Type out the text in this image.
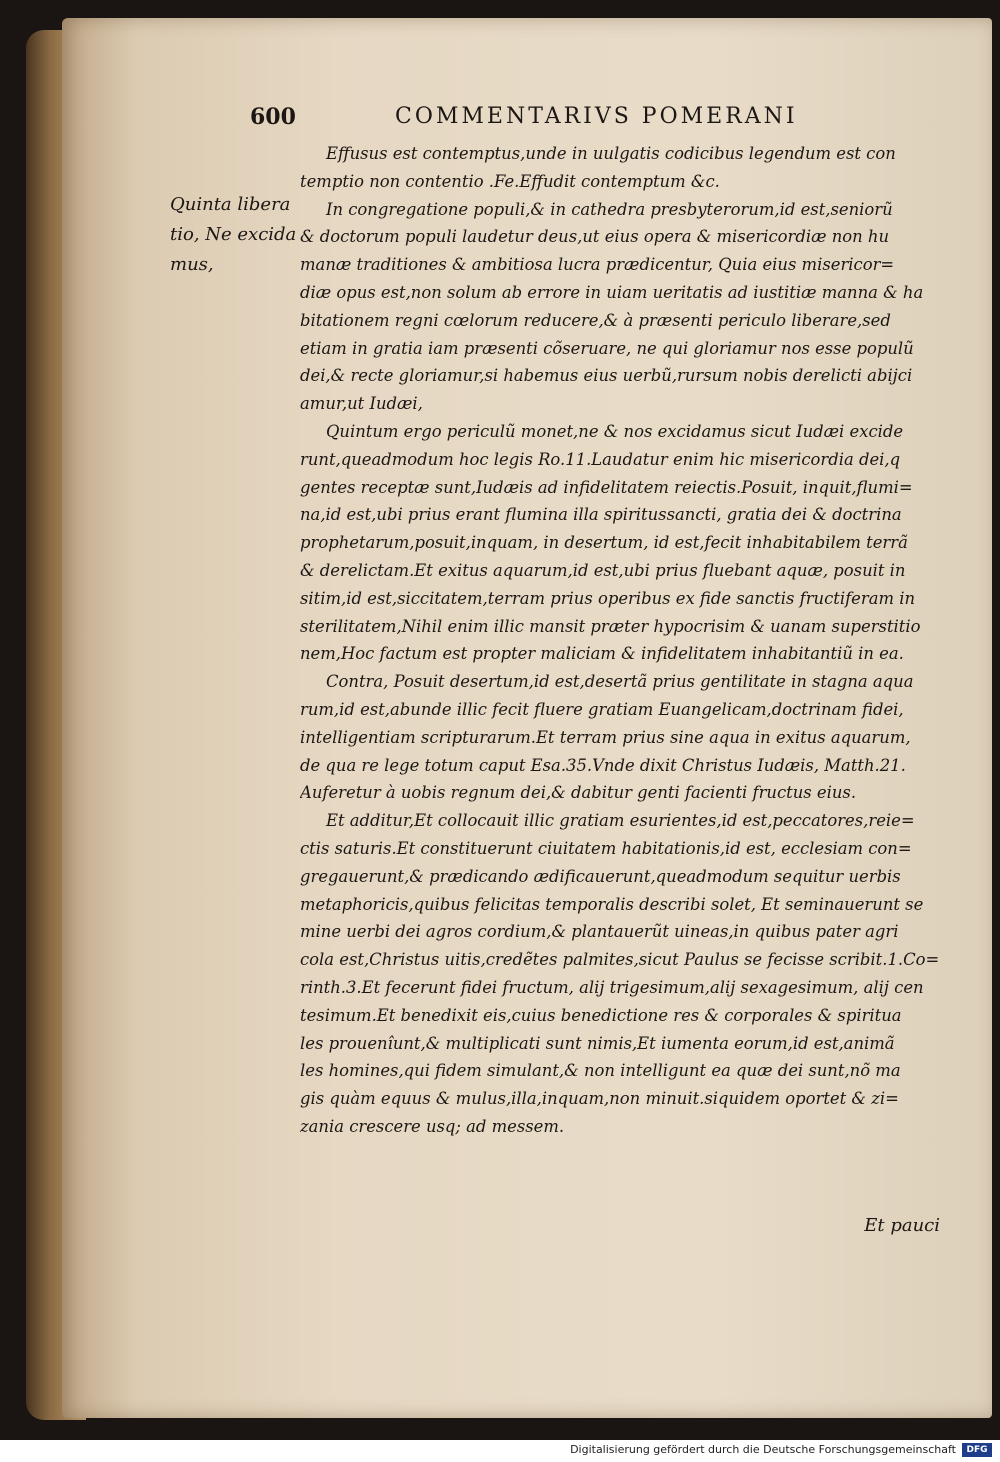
600	COMMENTARIVS POMERANI
Quinta libera
tio, Ne excida
mus,
Effusus est contemptus,unde in uulgatis codicibus legendum est con
temptio non contentio .Fe.Effudit contemptum &c.
In congregatione populi,& in cathedra presbyterorum,id est,seniorũ
& doctorum populi laudetur deus,ut eius opera & misericordiæ non hu
manæ traditiones & ambitiosa lucra prædicentur, Quia eius misericor=
diæ opus est,non solum ab errore in uiam ueritatis ad iustitiæ manna & ha
bitationem regni cœlorum reducere,& à præsenti periculo liberare,sed
etiam in gratia iam præsenti cõseruare, ne qui gloriamur nos esse populũ
dei,& recte gloriamur,si habemus eius uerbũ,rursum nobis derelicti abijci
amur,ut Iudæi,
Quintum ergo periculũ monet,ne & nos excidamus sicut Iudæi excide
runt,queadmodum hoc legis Ro.11.Laudatur enim hic misericordia dei,q
gentes receptæ sunt,Iudæis ad infidelitatem reiectis.Posuit, inquit,flumi=
na,id est,ubi prius erant flumina illa spiritussancti, gratia dei & doctrina
prophetarum,posuit,inquam, in desertum, id est,fecit inhabitabilem terrã
& derelictam.Et exitus aquarum,id est,ubi prius fluebant aquæ, posuit in
sitim,id est,siccitatem,terram prius operibus ex fide sanctis fructiferam in
sterilitatem,Nihil enim illic mansit præter hypocrisim & uanam superstitio
nem,Hoc factum est propter maliciam & infidelitatem inhabitantiũ in ea.
Contra, Posuit desertum,id est,desertã prius gentilitate in stagna aqua
rum,id est,abunde illic fecit fluere gratiam Euangelicam,doctrinam fidei,
intelligentiam scripturarum.Et terram prius sine aqua in exitus aquarum,
de qua re lege totum caput Esa.35.Vnde dixit Christus Iudæis, Matth.21.
Auferetur à uobis regnum dei,& dabitur genti facienti fructus eius.
Et additur,Et collocauit illic gratiam esurientes,id est,peccatores,reie=
ctis saturis.Et constituerunt ciuitatem habitationis,id est, ecclesiam con=
gregauerunt,& prædicando ædificauerunt,queadmodum sequitur uerbis
metaphoricis,quibus felicitas temporalis describi solet, Et seminauerunt se
mine uerbi dei agros cordium,& plantauerũt uineas,in quibus pater agri
cola est,Christus uitis,credẽtes palmites,sicut Paulus se fecisse scribit.1.Co=
rinth.3.Et fecerunt fidei fructum, alij trigesimum,alij sexagesimum, alij cen
tesimum.Et benedixit eis,cuius benedictione res & corporales & spiritua
les prouenîunt,& multiplicati sunt nimis,Et iumenta eorum,id est,animã
les homines,qui fidem simulant,& non intelligunt ea quæ dei sunt,nõ ma
gis quàm equus & mulus,illa,inquam,non minuit.siquidem oportet & zi=
zania crescere usq; ad messem.
Et pauci
Digitalisierung gefördert durch die Deutsche Forschungsgemeinschaft	DFG
